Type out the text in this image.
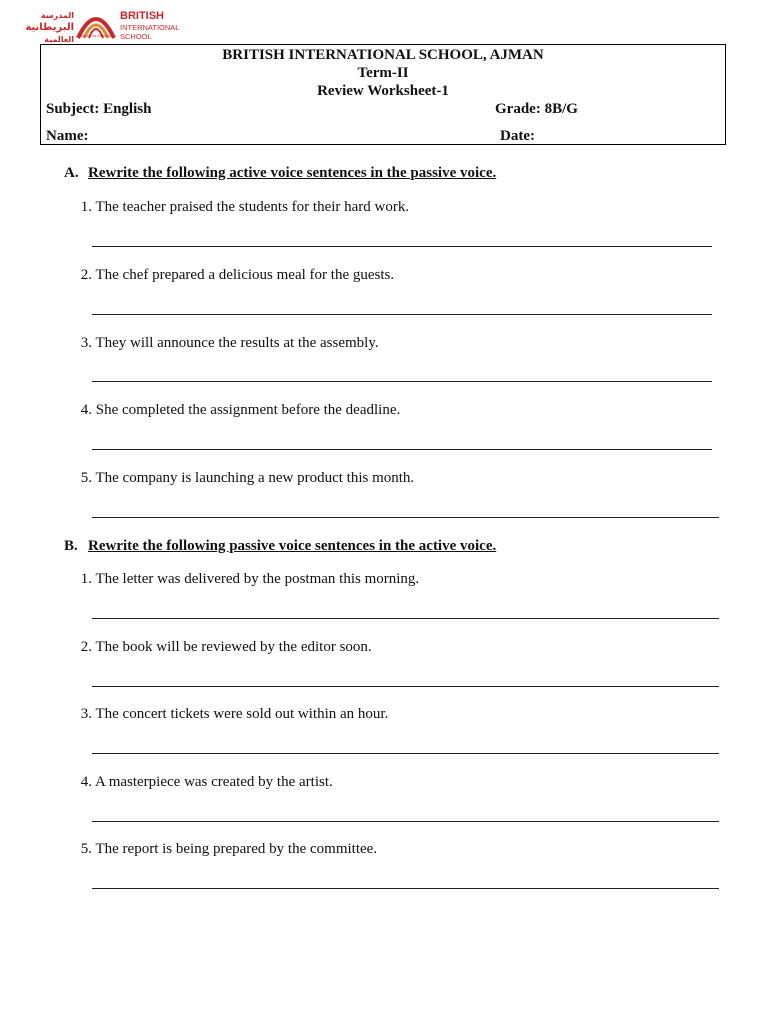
المدرسة
البريطانية
العالمية Dare to Dream
BRITISH
INTERNATIONAL
SCHOOL
BRITISH INTERNATIONAL SCHOOL, AJMAN
Term-II
Review Worksheet-1
Subject: English	Grade: 8B/G
Name:	Date:
A. Rewrite the following active voice sentences in the passive voice.
1. The teacher praised the students for their hard work.
2. The chef prepared a delicious meal for the guests.
3. They will announce the results at the assembly.
4. She completed the assignment before the deadline.
5. The company is launching a new product this month.
B. Rewrite the following passive voice sentences in the active voice.
1. The letter was delivered by the postman this morning.
2. The book will be reviewed by the editor soon.
3. The concert tickets were sold out within an hour.
4. A masterpiece was created by the artist.
5. The report is being prepared by the committee.
